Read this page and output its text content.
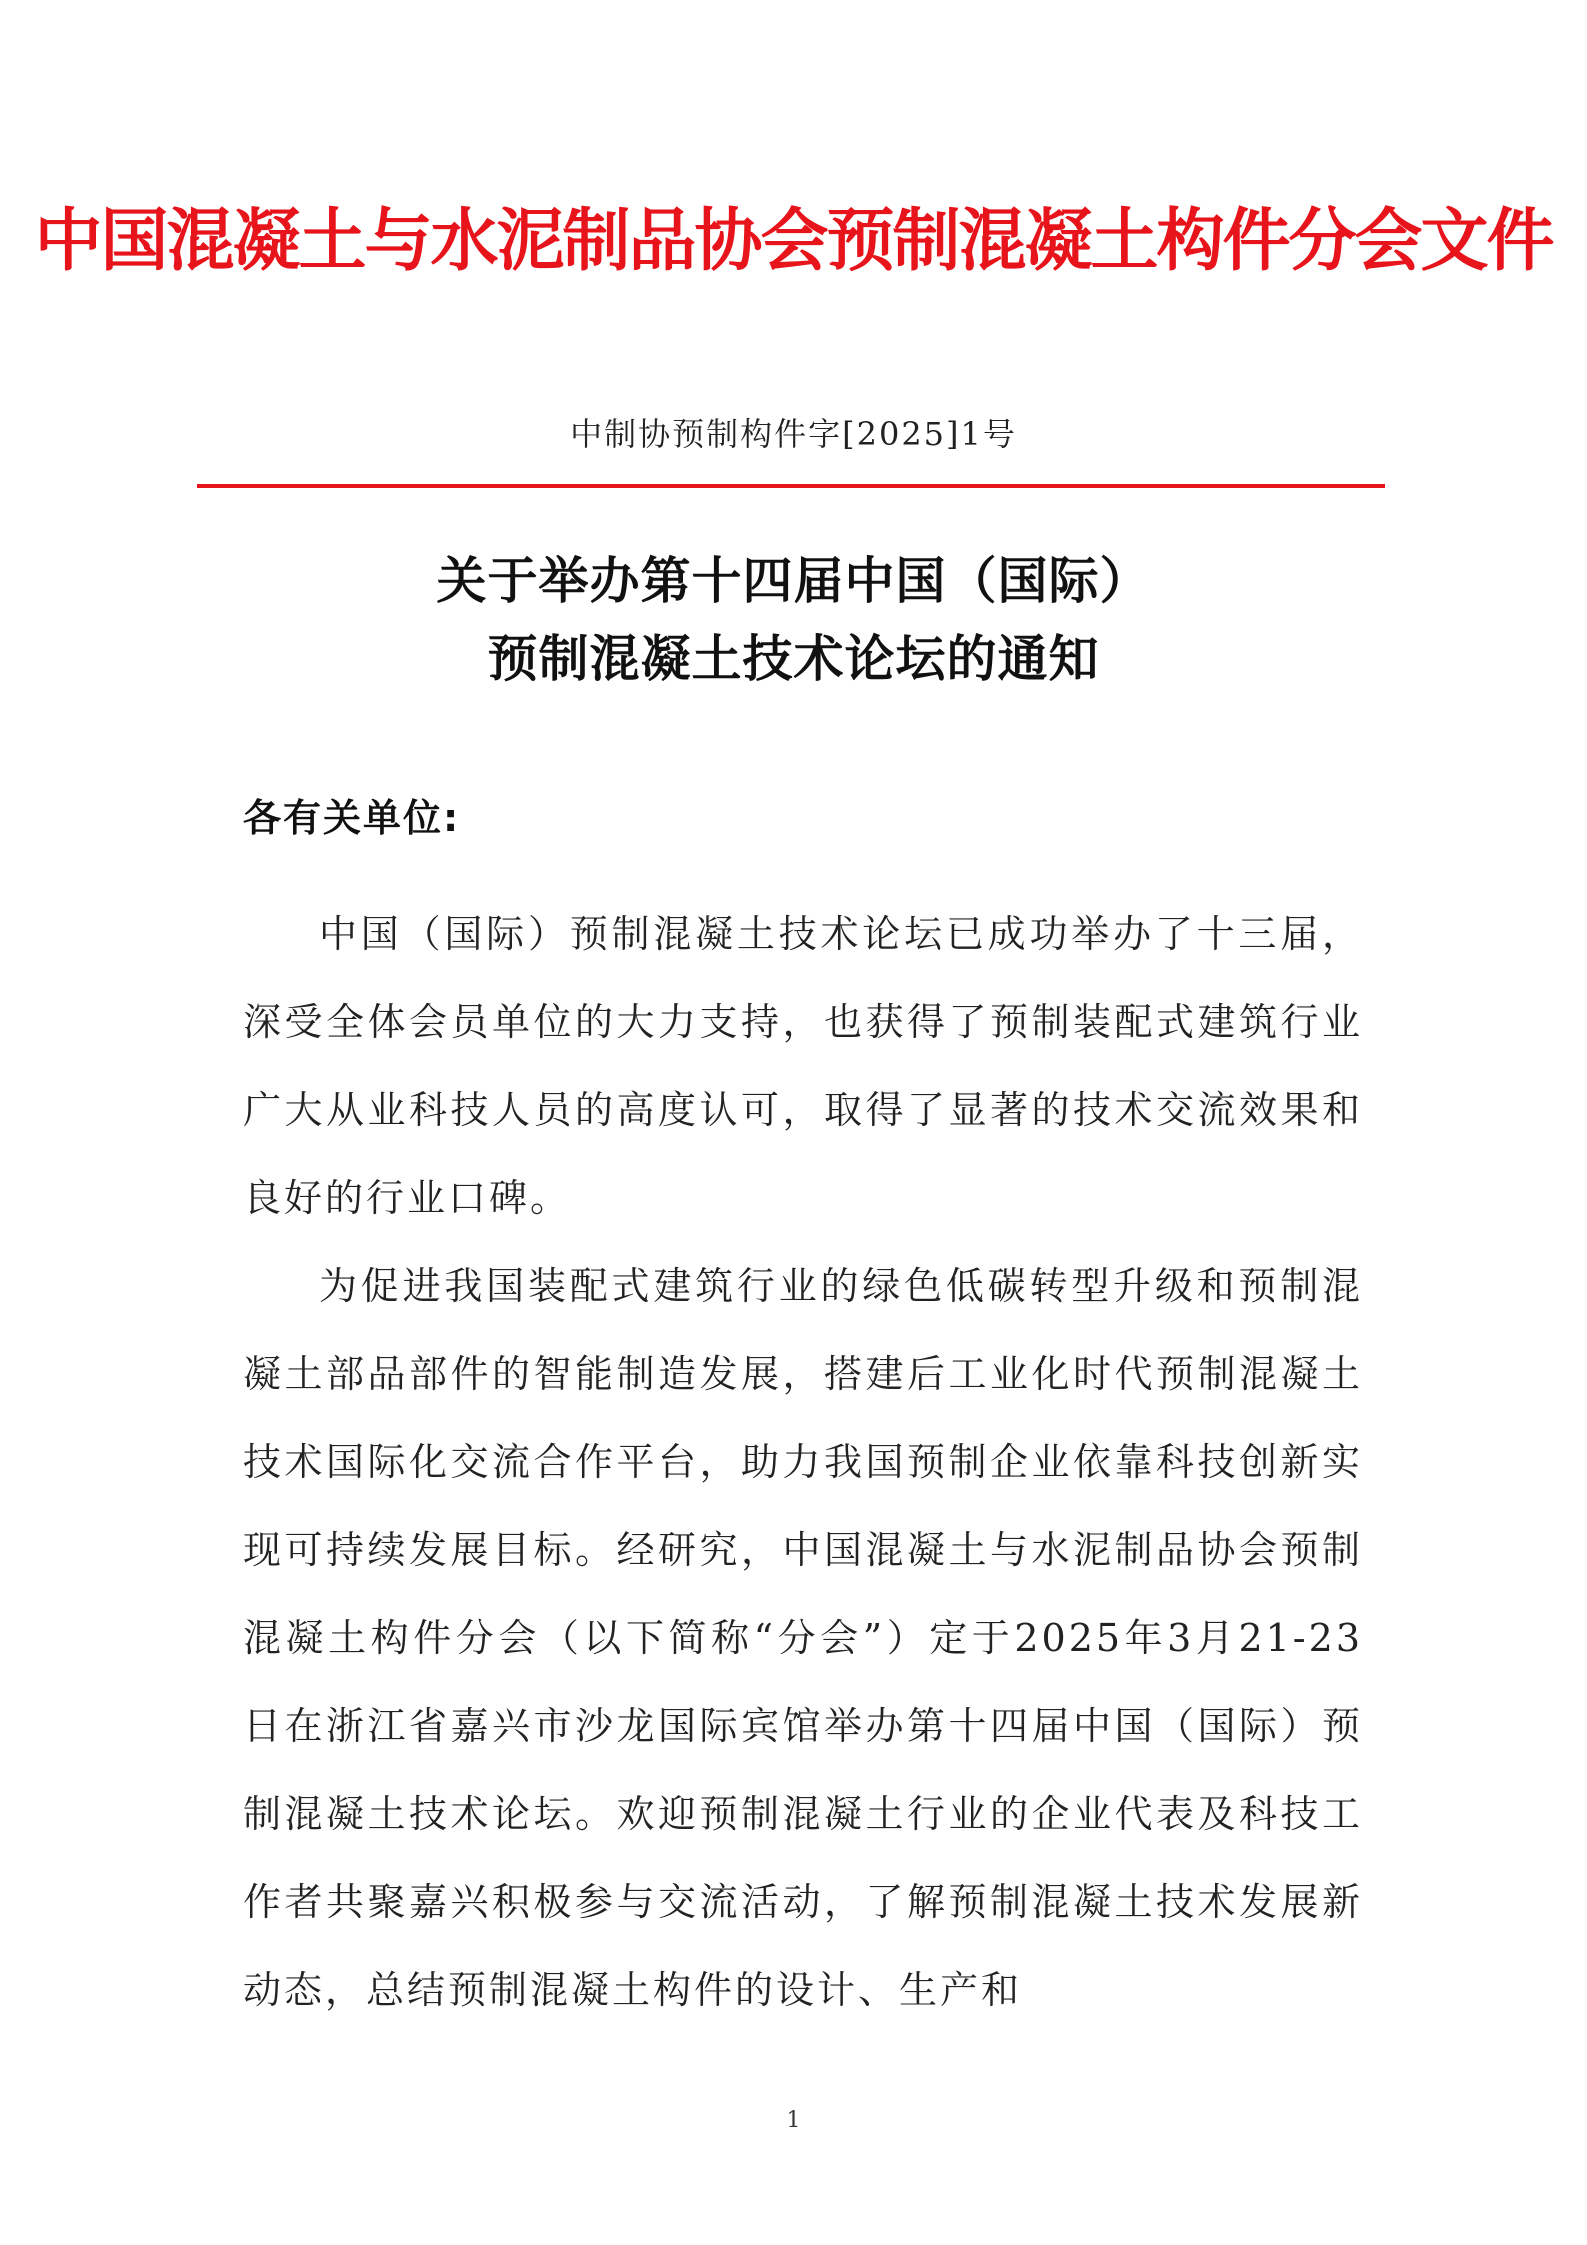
中国混凝土与水泥制品协会预制混凝土构件分会文件
中制协预制构件字[2025]1号
关于举办第十四届中国（国际）
预制混凝土技术论坛的通知
各有关单位:

中国（国际）预制混凝土技术论坛已成功举办了十三届，深受全体会员单位的大力支持，也获得了预制装配式建筑行业广大从业科技人员的高度认可，取得了显著的技术交流效果和良好的行业口碑。

为促进我国装配式建筑行业的绿色低碳转型升级和预制混凝土部品部件的智能制造发展，搭建后工业化时代预制混凝土技术国际化交流合作平台，助力我国预制企业依靠科技创新实现可持续发展目标。经研究，中国混凝土与水泥制品协会预制混凝土构件分会（以下简称“分会”）定于2025年3月21-23日在浙江省嘉兴市沙龙国际宾馆举办第十四届中国（国际）预制混凝土技术论坛。欢迎预制混凝土行业的企业代表及科技工作者共聚嘉兴积极参与交流活动，了解预制混凝土技术发展新动态，总结预制混凝土构件的设计、生产和

1
